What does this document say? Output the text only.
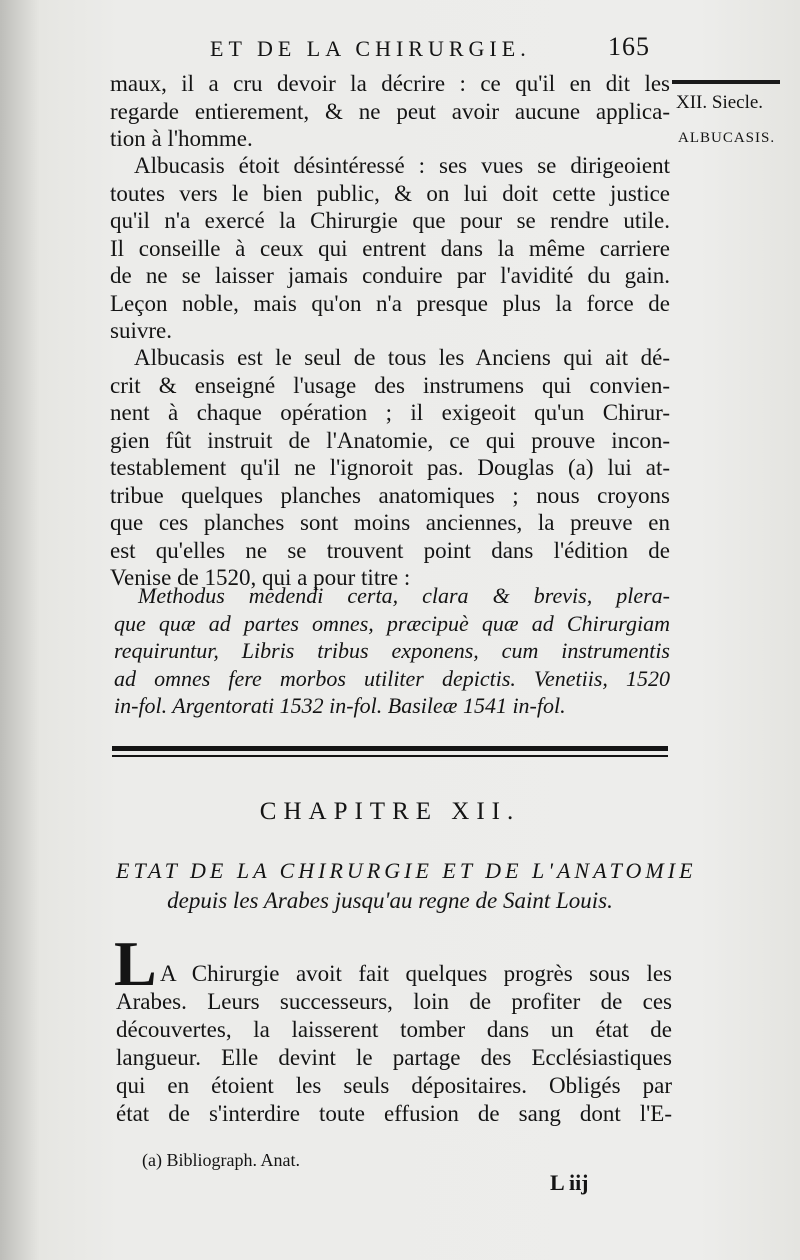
ET DE LA CHIRURGIE.	165
XII. Siecle.
ALBUCASIS.
maux, il a cru devoir la décrire : ce qu'il en dit les
regarde entierement, & ne peut avoir aucune applica-
tion à l'homme.
Albucasis étoit désintéressé : ses vues se dirigeoient
toutes vers le bien public, & on lui doit cette justice
qu'il n'a exercé la Chirurgie que pour se rendre utile.
Il conseille à ceux qui entrent dans la même carriere
de ne se laisser jamais conduire par l'avidité du gain.
Leçon noble, mais qu'on n'a presque plus la force de
suivre.
Albucasis est le seul de tous les Anciens qui ait dé-
crit & enseigné l'usage des instrumens qui convien-
nent à chaque opération ; il exigeoit qu'un Chirur-
gien fût instruit de l'Anatomie, ce qui prouve incon-
testablement qu'il ne l'ignoroit pas. Douglas (a) lui at-
tribue quelques planches anatomiques ; nous croyons
que ces planches sont moins anciennes, la preuve en
est qu'elles ne se trouvent point dans l'édition de
Venise de 1520, qui a pour titre :
Methodus medendi certa, clara & brevis, plera-
que quæ ad partes omnes, præcipuè quæ ad Chirurgiam
requiruntur, Libris tribus exponens, cum instrumentis
ad omnes fere morbos utiliter depictis. Venetiis, 1520
in-fol. Argentorati 1532 in-fol. Basileæ 1541 in-fol.
CHAPITRE XII.
ETAT DE LA CHIRURGIE ET DE L'ANATOMIE
depuis les Arabes jusqu'au regne de Saint Louis.
L A Chirurgie avoit fait quelques progrès sous les
Arabes. Leurs successeurs, loin de profiter de ces
découvertes, la laisserent tomber dans un état de
langueur. Elle devint le partage des Ecclésiastiques
qui en étoient les seuls dépositaires. Obligés par
état de s'interdire toute effusion de sang dont l'E-
(a) Bibliograph. Anat.
L iij
